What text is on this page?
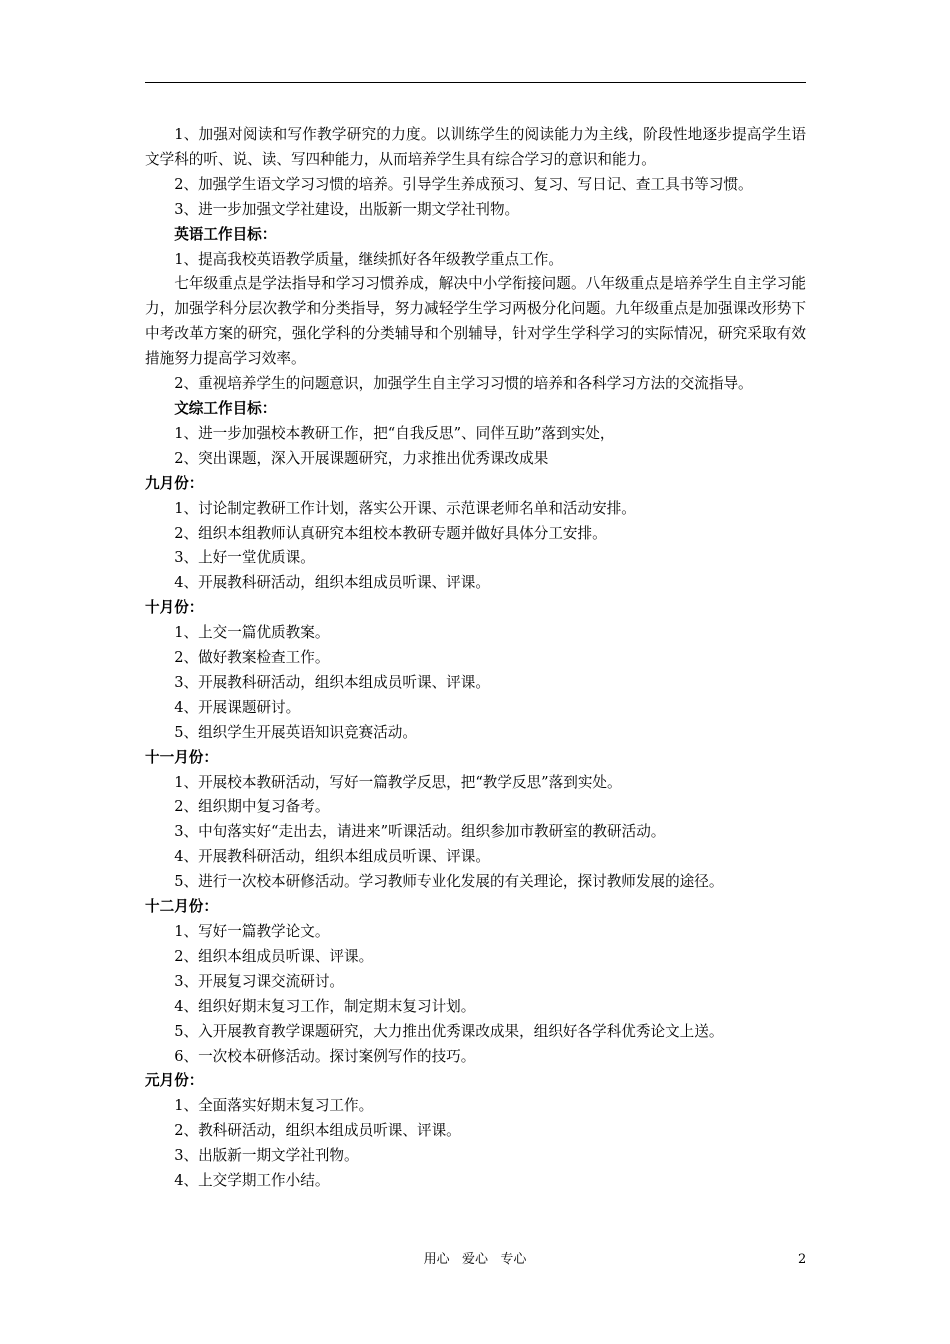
1、加强对阅读和写作教学研究的力度。以训练学生的阅读能力为主线，阶段性地逐步提高学生语文学科的听、说、读、写四种能力，从而培养学生具有综合学习的意识和能力。

2、加强学生语文学习习惯的培养。引导学生养成预习、复习、写日记、查工具书等习惯。

3、进一步加强文学社建设，出版新一期文学社刊物。

英语工作目标：

1、提高我校英语教学质量，继续抓好各年级教学重点工作。

七年级重点是学法指导和学习习惯养成，解决中小学衔接问题。八年级重点是培养学生自主学习能力，加强学科分层次教学和分类指导，努力减轻学生学习两极分化问题。九年级重点是加强课改形势下中考改革方案的研究，强化学科的分类辅导和个别辅导，针对学生学科学习的实际情况，研究采取有效措施努力提高学习效率。

2、重视培养学生的问题意识，加强学生自主学习习惯的培养和各科学习方法的交流指导。

文综工作目标：

1、进一步加强校本教研工作，把“自我反思”、同伴互助”落到实处，

2、突出课题，深入开展课题研究，力求推出优秀课改成果

九月份：

1、讨论制定教研工作计划，落实公开课、示范课老师名单和活动安排。

2、组织本组教师认真研究本组校本教研专题并做好具体分工安排。

3、上好一堂优质课。

4、开展教科研活动，组织本组成员听课、评课。

十月份：

1、上交一篇优质教案。

2、做好教案检查工作。

3、开展教科研活动，组织本组成员听课、评课。

4、开展课题研讨。

5、组织学生开展英语知识竞赛活动。

十一月份：

1、开展校本教研活动，写好一篇教学反思，把“教学反思”落到实处。

2、组织期中复习备考。

3、中旬落实好“走出去，请进来”听课活动。组织参加市教研室的教研活动。

4、开展教科研活动，组织本组成员听课、评课。

5、进行一次校本研修活动。学习教师专业化发展的有关理论，探讨教师发展的途径。

十二月份：

1、写好一篇教学论文。

2、组织本组成员听课、评课。

3、开展复习课交流研讨。

4、组织好期末复习工作，制定期末复习计划。

5、入开展教育教学课题研究，大力推出优秀课改成果，组织好各学科优秀论文上送。

6、一次校本研修活动。探讨案例写作的技巧。

元月份：

1、全面落实好期末复习工作。

2、教科研活动，组织本组成员听课、评课。

3、出版新一期文学社刊物。

4、上交学期工作小结。

用心   爱心   专心	2
